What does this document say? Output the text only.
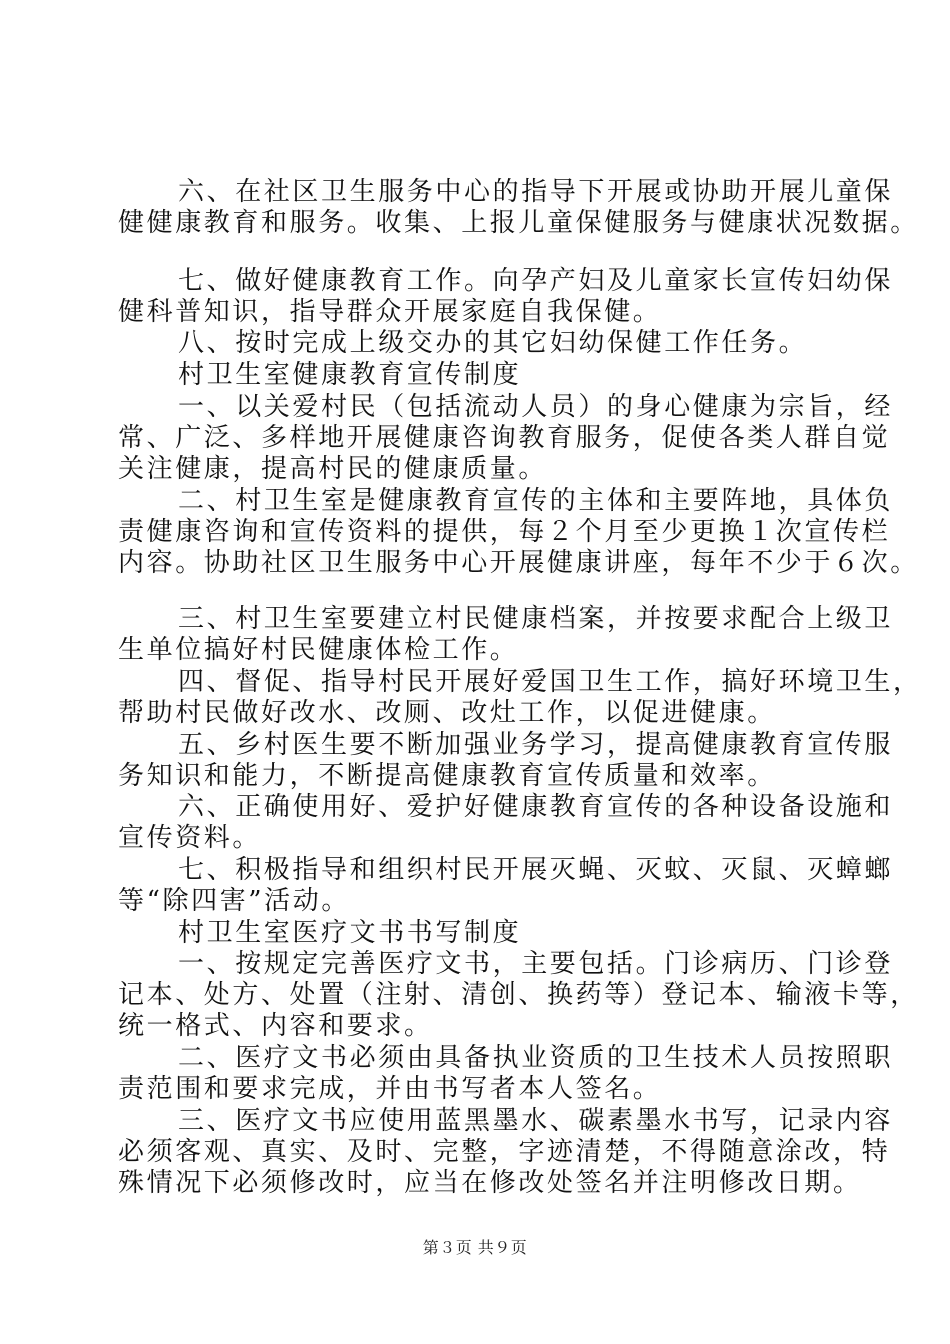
六、在社区卫生服务中心的指导下开展或协助开展儿童保
健健康教育和服务。收集、上报儿童保健服务与健康状况数据。
七、做好健康教育工作。向孕产妇及儿童家长宣传妇幼保
健科普知识，指导群众开展家庭自我保健。
八、按时完成上级交办的其它妇幼保健工作任务。
村卫生室健康教育宣传制度
一、以关爱村民（包括流动人员）的身心健康为宗旨，经
常、广泛、多样地开展健康咨询教育服务，促使各类人群自觉
关注健康，提高村民的健康质量。
二、村卫生室是健康教育宣传的主体和主要阵地，具体负
责健康咨询和宣传资料的提供，每２个月至少更换１次宣传栏
内容。协助社区卫生服务中心开展健康讲座，每年不少于６次。
三、村卫生室要建立村民健康档案，并按要求配合上级卫
生单位搞好村民健康体检工作。
四、督促、指导村民开展好爱国卫生工作，搞好环境卫生，
帮助村民做好改水、改厕、改灶工作，以促进健康。
五、乡村医生要不断加强业务学习，提高健康教育宣传服
务知识和能力，不断提高健康教育宣传质量和效率。
六、正确使用好、爱护好健康教育宣传的各种设备设施和
宣传资料。
七、积极指导和组织村民开展灭蝇、灭蚊、灭鼠、灭蟑螂
等“除四害”活动。
村卫生室医疗文书书写制度
一、按规定完善医疗文书，主要包括。门诊病历、门诊登
记本、处方、处置（注射、清创、换药等）登记本、输液卡等，
统一格式、内容和要求。
二、医疗文书必须由具备执业资质的卫生技术人员按照职
责范围和要求完成，并由书写者本人签名。
三、医疗文书应使用蓝黑墨水、碳素墨水书写，记录内容
必须客观、真实、及时、完整，字迹清楚，不得随意涂改，特
殊情况下必须修改时，应当在修改处签名并注明修改日期。
第３页 共９页
